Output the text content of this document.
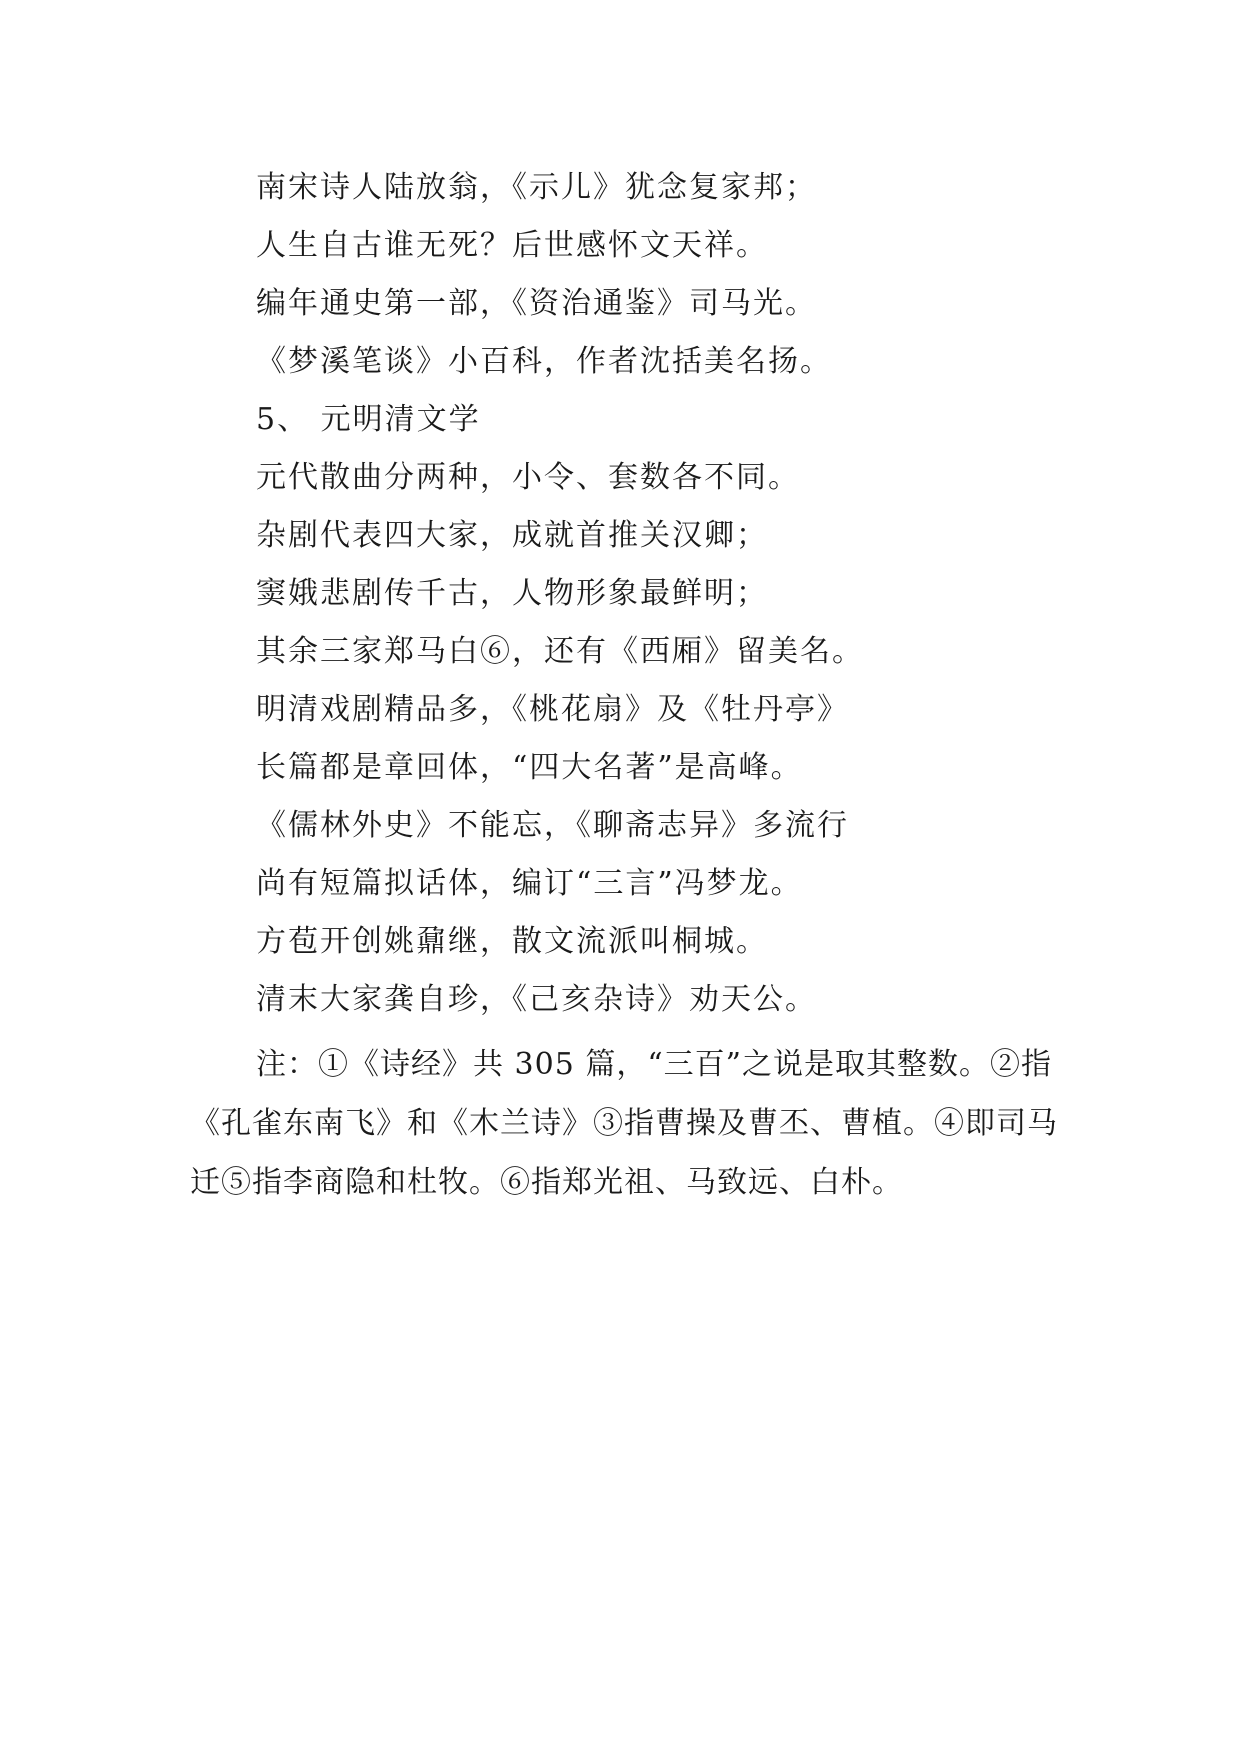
南宋诗人陆放翁，《示儿》犹念复家邦；
人生自古谁无死？后世感怀文天祥。
编年通史第一部，《资治通鉴》司马光。
《梦溪笔谈》小百科，作者沈括美名扬。
5、 元明清文学
元代散曲分两种，小令、套数各不同。
杂剧代表四大家，成就首推关汉卿；
窦娥悲剧传千古，人物形象最鲜明；
其余三家郑马白⑥，还有《西厢》留美名。
明清戏剧精品多，《桃花扇》及《牡丹亭》
长篇都是章回体，“四大名著”是高峰。
《儒林外史》不能忘，《聊斋志异》多流行
尚有短篇拟话体，编订“三言”冯梦龙。
方苞开创姚鼐继，散文流派叫桐城。
清末大家龚自珍，《己亥杂诗》劝天公。
注：①《诗经》共 305 篇，“三百”之说是取其整数。②指
《孔雀东南飞》和《木兰诗》③指曹操及曹丕、曹植。④即司马
迁⑤指李商隐和杜牧。⑥指郑光祖、马致远、白朴。
